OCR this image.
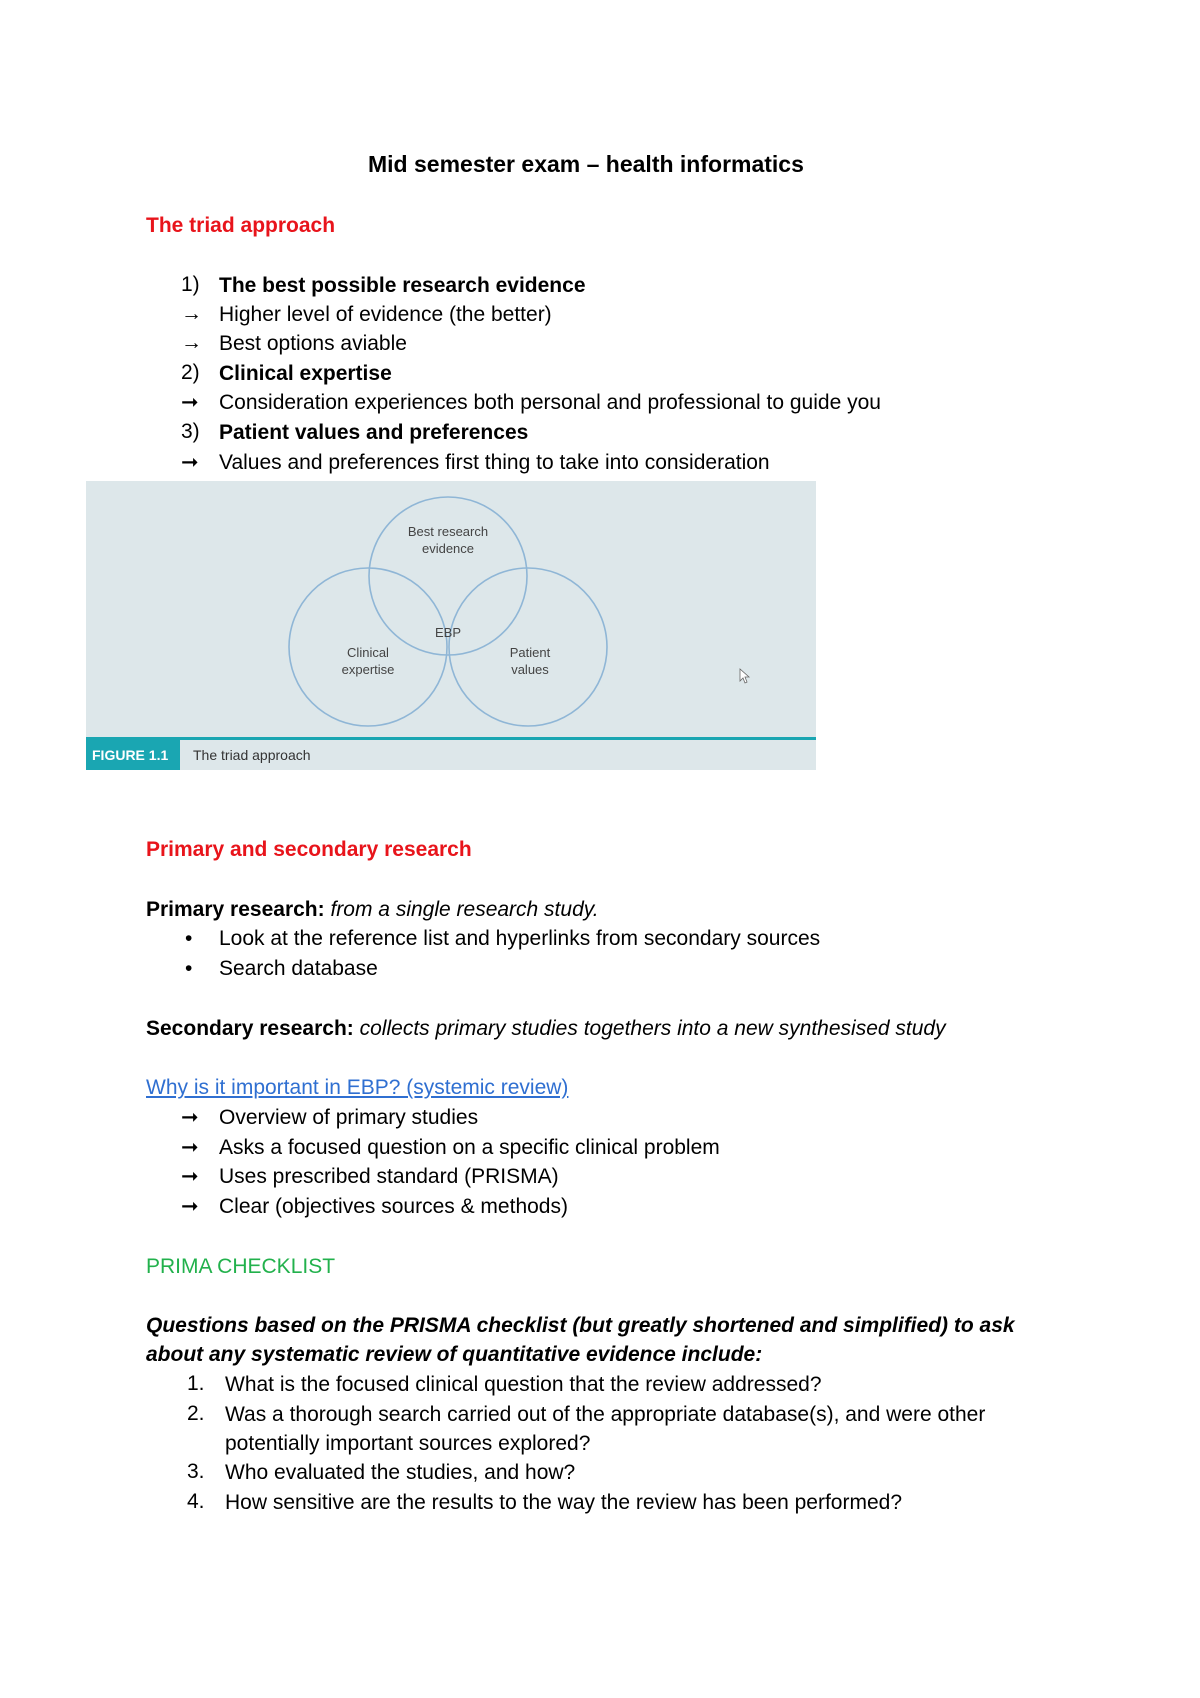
Mid semester exam – health informatics
The triad approach
1) The best possible research evidence
→ Higher level of evidence (the better)
→ Best options aviable
2) Clinical expertise
➞ Consideration experiences both personal and professional to guide you
3) Patient values and preferences
➞ Values and preferences first thing to take into consideration
Best research
evidence
Clinical
expertise
Patient
values
EBP
FIGURE 1.1	The triad approach
Primary and secondary research
Primary research: from a single research study.
• Look at the reference list and hyperlinks from secondary sources
• Search database
Secondary research: collects primary studies togethers into a new synthesised study
Why is it important in EBP? (systemic review)
➞ Overview of primary studies
➞ Asks a focused question on a specific clinical problem
➞ Uses prescribed standard (PRISMA)
➞ Clear (objectives sources & methods)
PRIMA CHECKLIST
Questions based on the PRISMA checklist (but greatly shortened and simplified) to ask
about any systematic review of quantitative evidence include:
1. What is the focused clinical question that the review addressed?
2. Was a thorough search carried out of the appropriate database(s), and were other
potentially important sources explored?
3. Who evaluated the studies, and how?
4. How sensitive are the results to the way the review has been performed?
